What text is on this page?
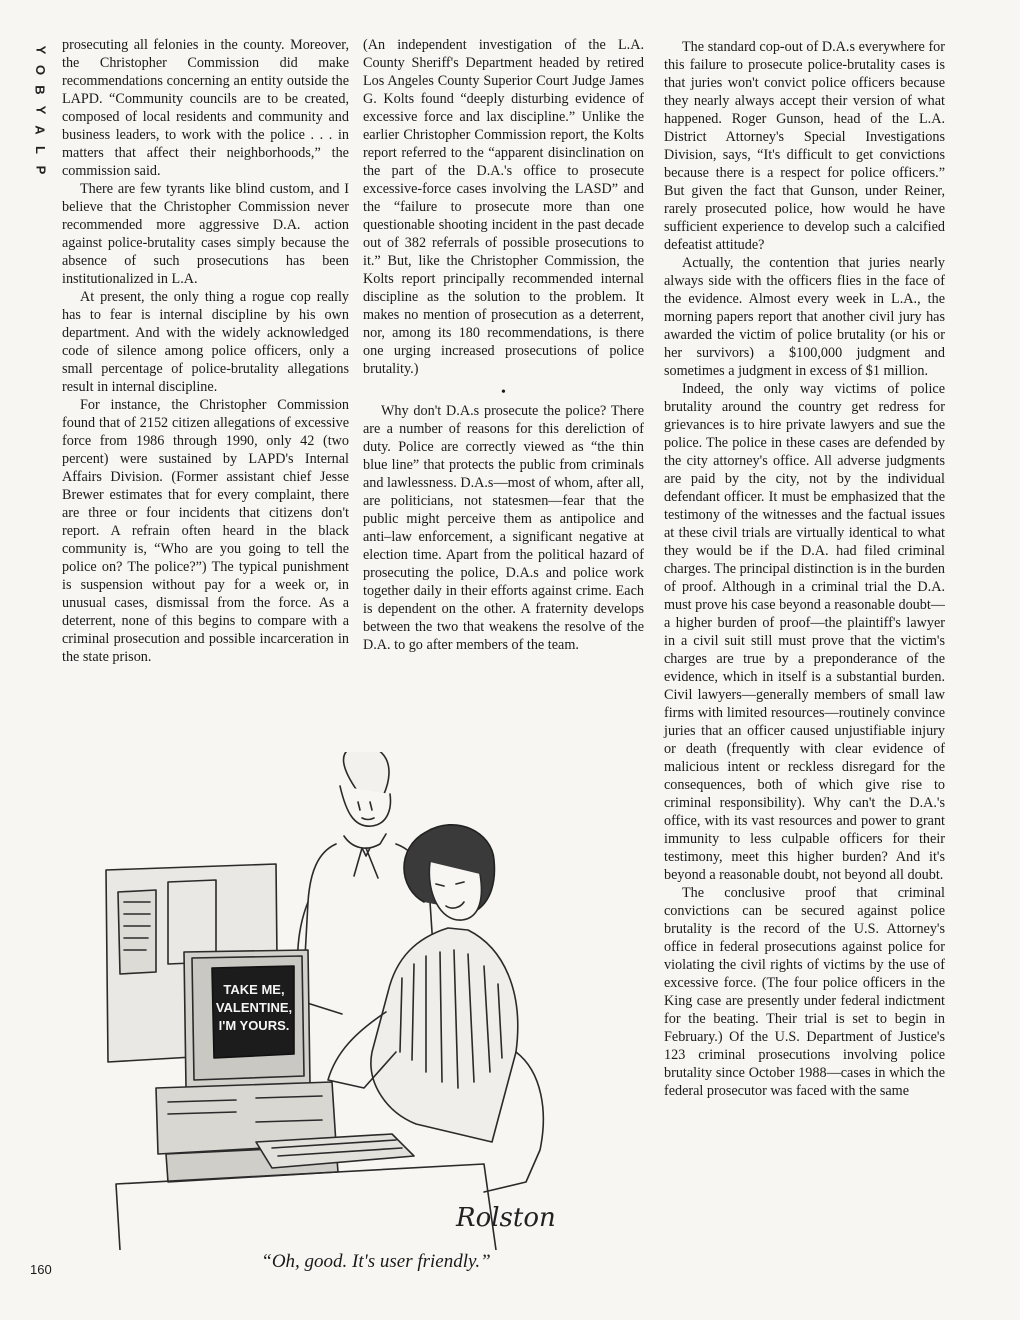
Y
O
B
Y
A
L
P

prosecuting all felonies in the county. Moreover, the Christopher Commission did make recommendations concerning an entity outside the LAPD. “Community councils are to be created, composed of local residents and community and business leaders, to work with the police . . . in matters that affect their neighborhoods,” the commission said.

There are few tyrants like blind custom, and I believe that the Christopher Commission never recommended more aggressive D.A. action against police-brutality cases simply because the absence of such prosecutions has been institutionalized in L.A.

At present, the only thing a rogue cop really has to fear is internal discipline by his own department. And with the widely acknowledged code of silence among police officers, only a small percentage of police-brutality allegations result in internal discipline.

For instance, the Christopher Commission found that of 2152 citizen allegations of excessive force from 1986 through 1990, only 42 (two percent) were sustained by LAPD's Internal Affairs Division. (Former assistant chief Jesse Brewer estimates that for every complaint, there are three or four incidents that citizens don't report. A refrain often heard in the black community is, “Who are you going to tell the police on? The police?”) The typical punishment is suspension without pay for a week or, in unusual cases, dismissal from the force. As a deterrent, none of this begins to compare with a criminal prosecution and possible incarceration in the state prison.

(An independent investigation of the L.A. County Sheriff's Department headed by retired Los Angeles County Superior Court Judge James G. Kolts found “deeply disturbing evidence of excessive force and lax discipline.” Unlike the earlier Christopher Commission report, the Kolts report referred to the “apparent disinclination on the part of the D.A.'s office to prosecute excessive-force cases involving the LASD” and the “failure to prosecute more than one questionable shooting incident in the past decade out of 382 referrals of possible prosecutions to it.” But, like the Christopher Commission, the Kolts report principally recommended internal discipline as the solution to the problem. It makes no mention of prosecution as a deterrent, nor, among its 180 recommendations, is there one urging increased prosecutions of police brutality.)

•

Why don't D.A.s prosecute the police? There are a number of reasons for this dereliction of duty. Police are correctly viewed as “the thin blue line” that protects the public from criminals and lawlessness. D.A.s—most of whom, after all, are politicians, not statesmen—fear that the public might perceive them as antipolice and anti–law enforcement, a significant negative at election time. Apart from the political hazard of prosecuting the police, D.A.s and police work together daily in their efforts against crime. Each is dependent on the other. A fraternity develops between the two that weakens the resolve of the D.A. to go after members of the team.

The standard cop-out of D.A.s everywhere for this failure to prosecute police-brutality cases is that juries won't convict police officers because they nearly always accept their version of what happened. Roger Gunson, head of the L.A. District Attorney's Special Investigations Division, says, “It's difficult to get convictions because there is a respect for police officers.” But given the fact that Gunson, under Reiner, rarely prosecuted police, how would he have sufficient experience to develop such a calcified defeatist attitude?

Actually, the contention that juries nearly always side with the officers flies in the face of the evidence. Almost every week in L.A., the morning papers report that another civil jury has awarded the victim of police brutality (or his or her survivors) a $100,000 judgment and sometimes a judgment in excess of $1 million.

Indeed, the only way victims of police brutality around the country get redress for grievances is to hire private lawyers and sue the police. The police in these cases are defended by the city attorney's office. All adverse judgments are paid by the city, not by the individual defendant officer. It must be emphasized that the testimony of the witnesses and the factual issues at these civil trials are virtually identical to what they would be if the D.A. had filed criminal charges. The principal distinction is in the burden of proof. Although in a criminal trial the D.A. must prove his case beyond a reasonable doubt—a higher burden of proof—the plaintiff's lawyer in a civil suit still must prove that the victim's charges are true by a preponderance of the evidence, which in itself is a substantial burden. Civil lawyers—generally members of small law firms with limited resources—routinely convince juries that an officer caused unjustifiable injury or death (frequently with clear evidence of malicious intent or reckless disregard for the consequences, both of which give rise to criminal responsibility). Why can't the D.A.'s office, with its vast resources and power to grant immunity to less culpable officers for their testimony, meet this higher burden? And it's beyond a reasonable doubt, not beyond all doubt.

The conclusive proof that criminal convictions can be secured against police brutality is the record of the U.S. Attorney's office in federal prosecutions against police for violating the civil rights of victims by the use of excessive force. (The four police officers in the King case are presently under federal indictment for the beating. Their trial is set to begin in February.) Of the U.S. Department of Justice's 123 criminal prosecutions involving police brutality since October 1988—cases in which the federal prosecutor was faced with the same

TAKE ME,
VALENTINE,
I'M YOURS.
Rolston
“Oh, good. It's user friendly.”
160
